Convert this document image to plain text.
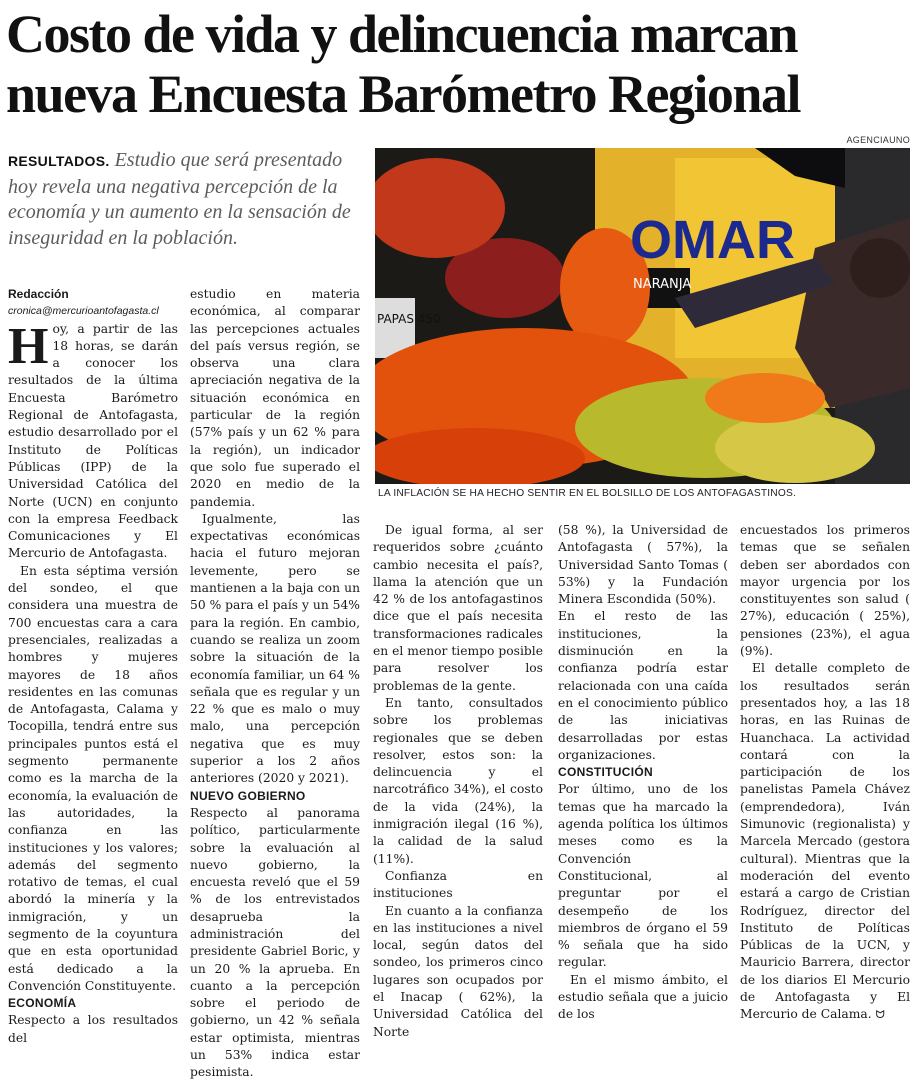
Costo de vida y delincuencia marcan nueva Encuesta Barómetro Regional
AGENCIAUNO

RESULTADOS. Estudio que será presentado hoy revela una negativa percepción de la economía y un aumento en la sensación de inseguridad en la población.	OMAR
NARANJA
PAPAS 450

LA INFLACIÓN SE HA HECHO SENTIR EN EL BOLSILLO DE LOS ANTOFAGASTINOS.

Redacción

cronica@mercurioantofagasta.cl

Hoy, a partir de las 18 horas, se darán a conocer los resultados de la última Encuesta Barómetro Regional de Antofagasta, estudio desarrollado por el Instituto de Políticas Públicas (IPP) de la Universidad Católica del Norte (UCN) en conjunto con la empresa Feedback Comunicaciones y El Mercurio de Antofagasta.

En esta séptima versión del sondeo, el que considera una muestra de 700 encuestas cara a cara presenciales, realizadas a hombres y mujeres mayores de 18 años residentes en las comunas de Antofagasta, Calama y Tocopilla, tendrá entre sus principales puntos está el segmento permanente como es la marcha de la economía, la evaluación de las autoridades, la confianza en las instituciones y los valores; además del segmento rotativo de temas, el cual abordó la minería y la inmigración, y un segmento de la coyuntura que en esta oportunidad está dedicado a la Convención Constituyente.

ECONOMÍA

Respecto a los resultados del

estudio en materia económica, al comparar las percepciones actuales del país versus región, se observa una clara apreciación negativa de la situación económica en particular de la región (57% país y un 62 % para la región), un indicador que solo fue superado el 2020 en medio de la pandemia.

Igualmente, las expectativas económicas hacia el futuro mejoran levemente, pero se mantienen a la baja con un 50 % para el país y un 54% para la región. En cambio, cuando se realiza un zoom sobre la situación de la economía familiar, un 64 % señala que es regular y un 22 % que es malo o muy malo, una percepción negativa que es muy superior a los 2 años anteriores (2020 y 2021).

NUEVO GOBIERNO

Respecto al panorama político, particularmente sobre la evaluación al nuevo gobierno, la encuesta reveló que el 59 % de los entrevistados desaprueba la administración del presidente Gabriel Boric, y un 20 % la aprueba. En cuanto a la percepción sobre el periodo de gobierno, un 42 % señala estar optimista, mientras un 53% indica estar pesimista.

De igual forma, al ser requeridos sobre ¿cuánto cambio necesita el país?, llama la atención que un 42 % de los antofagastinos dice que el país necesita transformaciones radicales en el menor tiempo posible para resolver los problemas de la gente.

En tanto, consultados sobre los problemas regionales que se deben resolver, estos son: la delincuencia y el narcotráfico 34%), el costo de la vida (24%), la inmigración ilegal (16 %), la calidad de la salud (11%).

Confianza en instituciones

En cuanto a la confianza en las instituciones a nivel local, según datos del sondeo, los primeros cinco lugares son ocupados por el Inacap ( 62%), la Universidad Católica del Norte

(58 %), la Universidad de Antofagasta ( 57%), la Universidad Santo Tomas ( 53%) y la Fundación Minera Escondida (50%).

En el resto de las instituciones, la disminución en la confianza podría estar relacionada con una caída en el conocimiento público de las iniciativas desarrolladas por estas organizaciones.

CONSTITUCIÓN

Por último, uno de los temas que ha marcado la agenda política los últimos meses como es la Convención Constitucional, al preguntar por el desempeño de los miembros de órgano el 59 % señala que ha sido regular.

En el mismo ámbito, el estudio señala que a juicio de los

encuestados los primeros temas que se señalen deben ser abordados con mayor urgencia por los constituyentes son salud ( 27%), educación ( 25%), pensiones (23%), el agua (9%).

El detalle completo de los resultados serán presentados hoy, a las 18 horas, en las Ruinas de Huanchaca. La actividad contará con la participación de los panelistas Pamela Chávez (emprendedora), Iván Simunovic (regionalista) y Marcela Mercado (gestora cultural). Mientras que la moderación del evento estará a cargo de Cristian Rodríguez, director del Instituto de Políticas Públicas de la UCN, y Mauricio Barrera, director de los diarios El Mercurio de Antofagasta y El Mercurio de Calama. ᗢ
